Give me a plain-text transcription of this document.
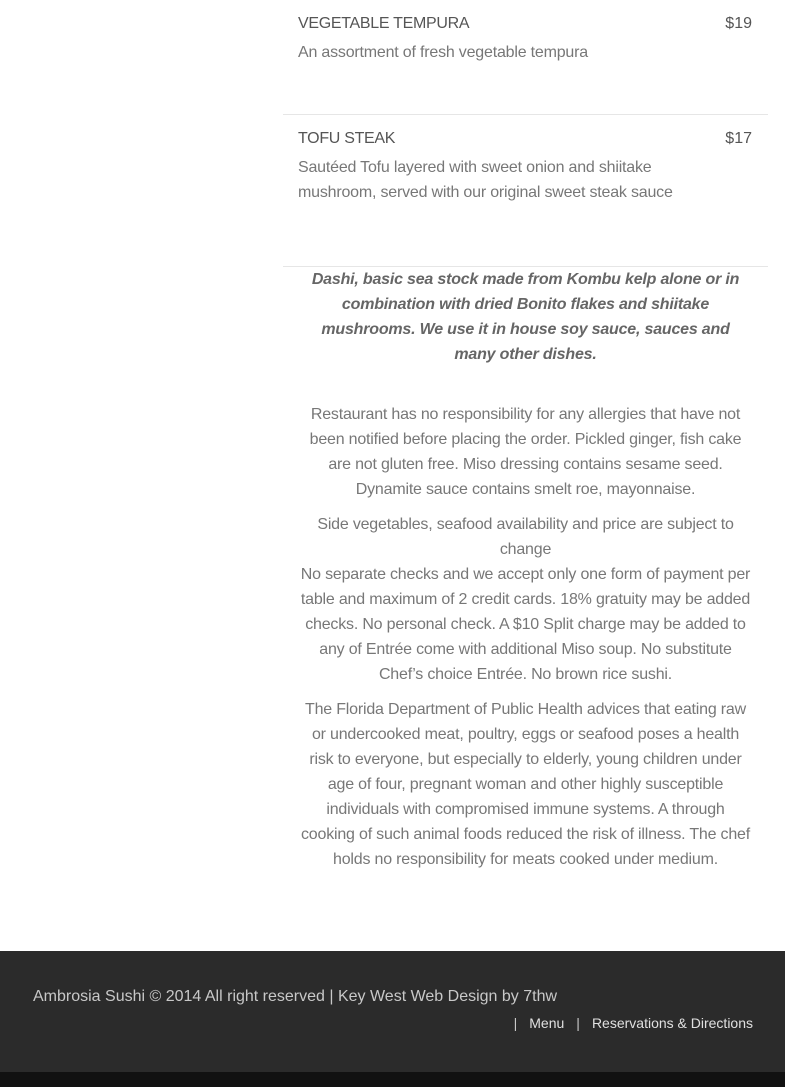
VEGETABLE TEMPURA	$19
An assortment of fresh vegetable tempura
TOFU STEAK	$17
Sautéed Tofu layered with sweet onion and shiitake mushroom, served with our original sweet steak sauce
Dashi, basic sea stock made from Kombu kelp alone or in combination with dried Bonito flakes and shiitake mushrooms. We use it in house soy sauce, sauces and many other dishes.
Restaurant has no responsibility for any allergies that have not been notified before placing the order. Pickled ginger, fish cake are not gluten free. Miso dressing contains sesame seed. Dynamite sauce contains smelt roe, mayonnaise.
Side vegetables, seafood availability and price are subject to change
No separate checks and we accept only one form of payment per table and maximum of 2 credit cards. 18% gratuity may be added checks. No personal check. A $10 Split charge may be added to any of Entrée come with additional Miso soup. No substitute Chef’s choice Entrée. No brown rice sushi.
The Florida Department of Public Health advices that eating raw or undercooked meat, poultry, eggs or seafood poses a health risk to everyone, but especially to elderly, young children under age of four, pregnant woman and other highly susceptible individuals with compromised immune systems. A through cooking of such animal foods reduced the risk of illness. The chef holds no responsibility for meats cooked under medium.
Ambrosia Sushi © 2014 All right reserved | Key West Web Design by 7thw
| Menu | Reservations & Directions
